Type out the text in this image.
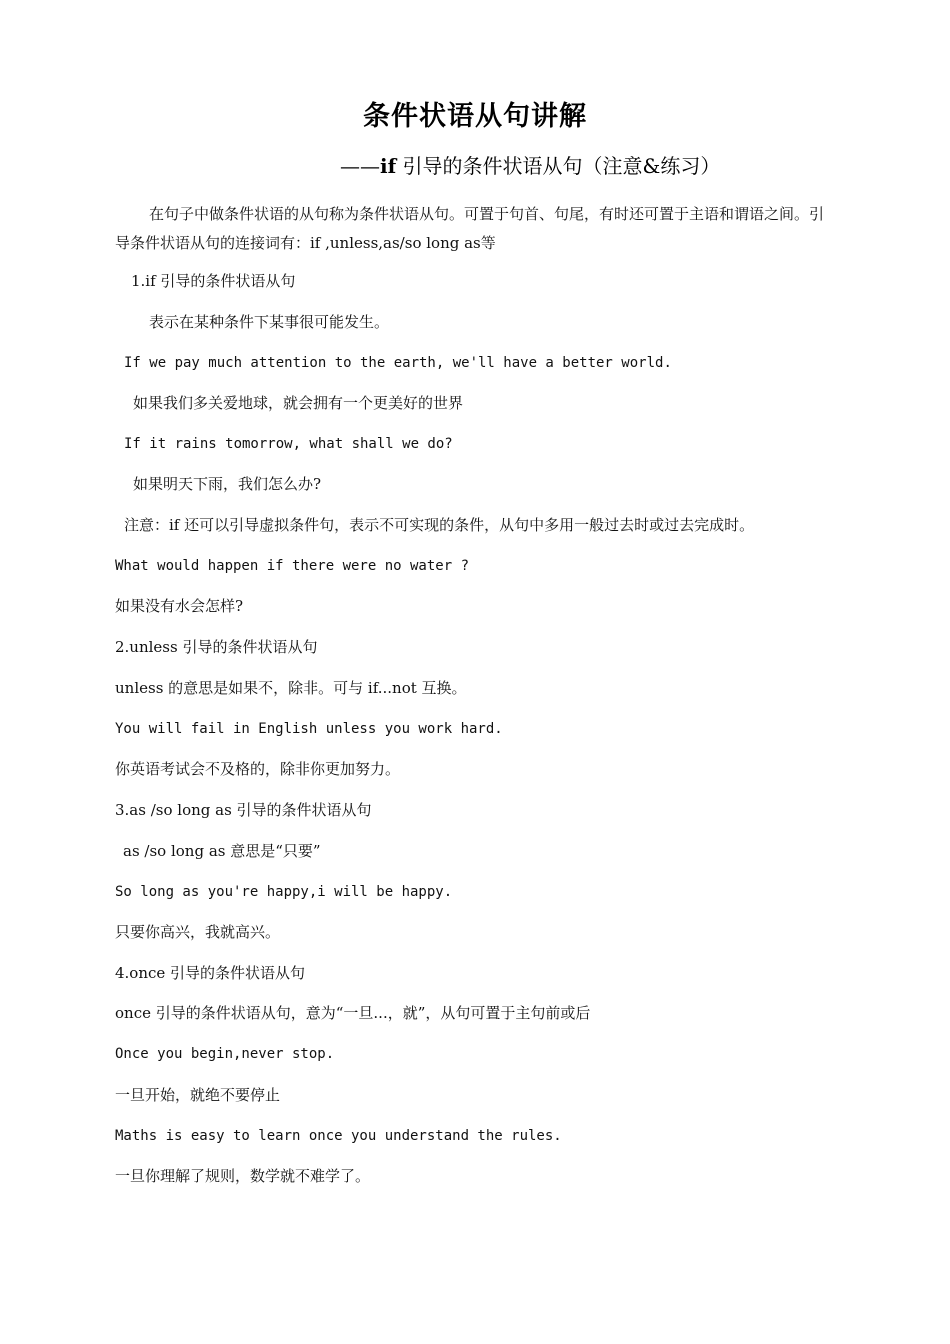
条件状语从句讲解
——if 引导的条件状语从句（注意&练习）
在句子中做条件状语的从句称为条件状语从句。可置于句首、句尾，有时还可置于主语和谓语之间。引导条件状语从句的连接词有：if ,unless,as/so long as等
1.if 引导的条件状语从句
表示在某种条件下某事很可能发生。
If we pay much attention to the earth, we'll have a better world.
如果我们多关爱地球，就会拥有一个更美好的世界
If it rains tomorrow, what shall we do?
如果明天下雨，我们怎么办?
注意：if 还可以引导虚拟条件句，表示不可实现的条件，从句中多用一般过去时或过去完成时。
What would happen if there were no water ?
如果没有水会怎样?
2.unless 引导的条件状语从句
unless 的意思是如果不，除非。可与 if...not 互换。
You will fail in English unless you work hard.
你英语考试会不及格的，除非你更加努力。
3.as /so long as 引导的条件状语从句
as /so long as 意思是“只要”
So long as you're happy,i will be happy.
只要你高兴，我就高兴。
4.once 引导的条件状语从句
once 引导的条件状语从句，意为“一旦...，就”，从句可置于主句前或后
Once you begin,never stop.
一旦开始，就绝不要停止
Maths is easy to learn once you understand the rules.
一旦你理解了规则，数学就不难学了。
